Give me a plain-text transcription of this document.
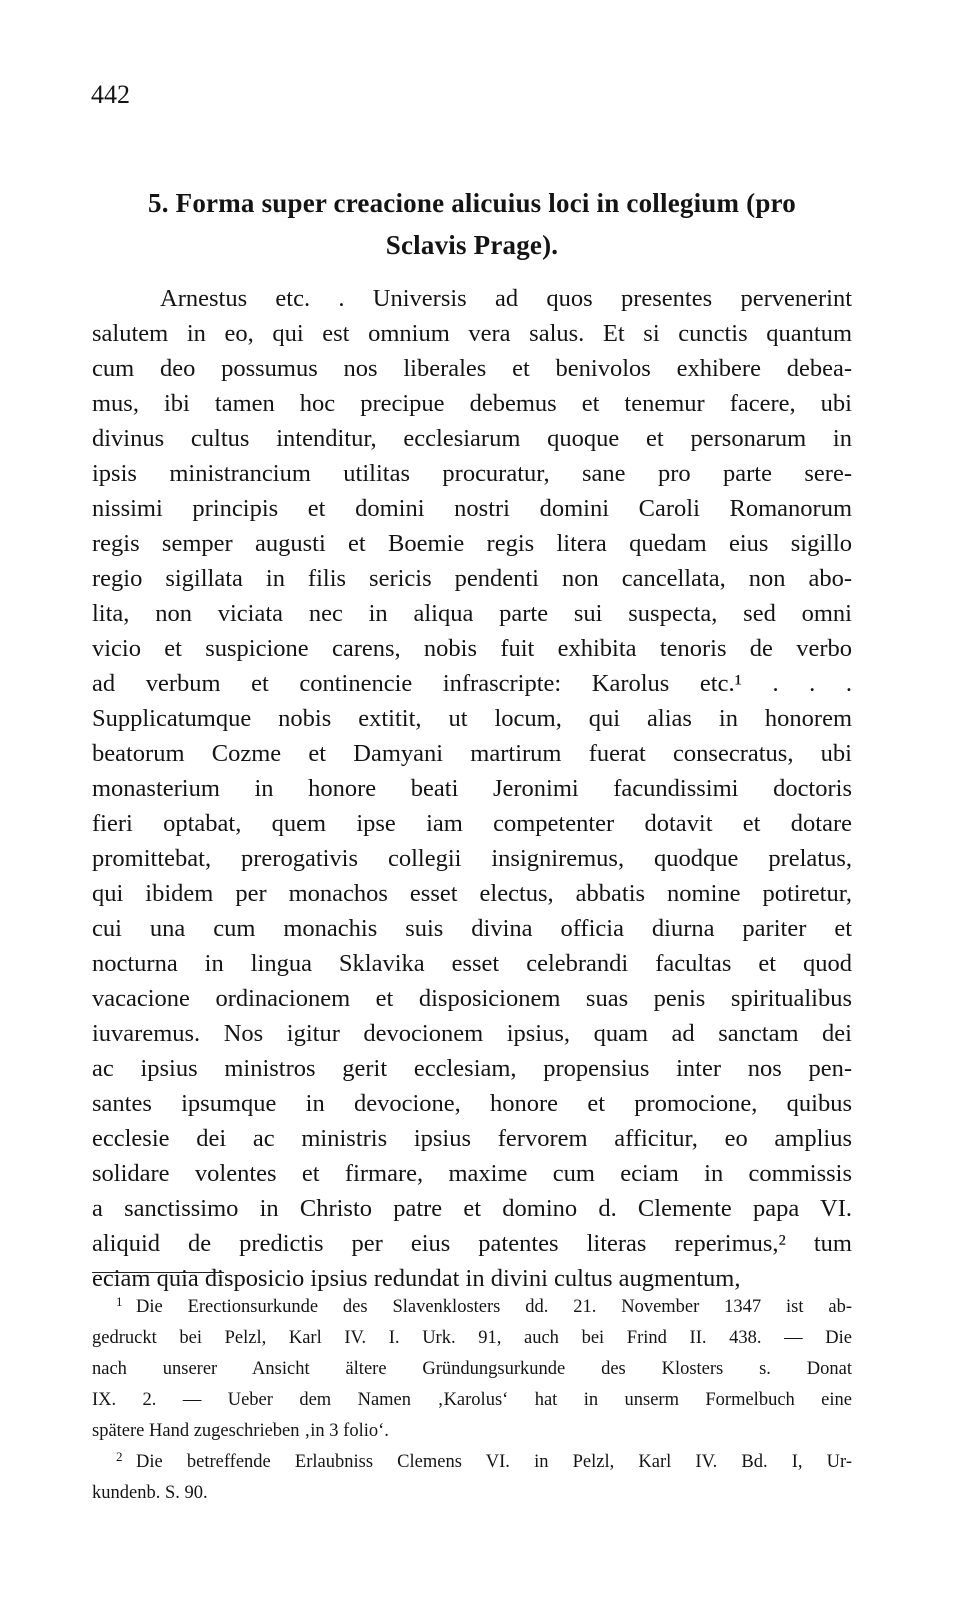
442
5. Forma super creacione alicuius loci in collegium (pro
Sclavis Prage).
Arnestus etc. . Universis ad quos presentes pervenerint
salutem in eo, qui est omnium vera salus. Et si cunctis quantum
cum deo possumus nos liberales et benivolos exhibere debea-
mus, ibi tamen hoc precipue debemus et tenemur facere, ubi
divinus cultus intenditur, ecclesiarum quoque et personarum in
ipsis ministrancium utilitas procuratur, sane pro parte sere-
nissimi principis et domini nostri domini Caroli Romanorum
regis semper augusti et Boemie regis litera quedam eius sigillo
regio sigillata in filis sericis pendenti non cancellata, non abo-
lita, non viciata nec in aliqua parte sui suspecta, sed omni
vicio et suspicione carens, nobis fuit exhibita tenoris de verbo
ad verbum et continencie infrascripte: Karolus etc.¹ . . .
Supplicatumque nobis extitit, ut locum, qui alias in honorem
beatorum Cozme et Damyani martirum fuerat consecratus, ubi
monasterium in honore beati Jeronimi facundissimi doctoris
fieri optabat, quem ipse iam competenter dotavit et dotare
promittebat, prerogativis collegii insigniremus, quodque prelatus,
qui ibidem per monachos esset electus, abbatis nomine potiretur,
cui una cum monachis suis divina officia diurna pariter et
nocturna in lingua Sklavika esset celebrandi facultas et quod
vacacione ordinacionem et disposicionem suas penis spiritualibus
iuvaremus. Nos igitur devocionem ipsius, quam ad sanctam dei
ac ipsius ministros gerit ecclesiam, propensius inter nos pen-
santes ipsumque in devocione, honore et promocione, quibus
ecclesie dei ac ministris ipsius fervorem afficitur, eo amplius
solidare volentes et firmare, maxime cum eciam in commissis
a sanctissimo in Christo patre et domino d. Clemente papa VI.
aliquid de predictis per eius patentes literas reperimus,² tum
eciam quia disposicio ipsius redundat in divini cultus augmentum,
1 Die Erectionsurkunde des Slavenklosters dd. 21. November 1347 ist ab-
gedruckt bei Pelzl, Karl IV. I. Urk. 91, auch bei Frind II. 438. — Die
nach unserer Ansicht ältere Gründungsurkunde des Klosters s. Donat
IX. 2. — Ueber dem Namen ‚Karolus‘ hat in unserm Formelbuch eine
spätere Hand zugeschrieben ‚in 3 folio‘.
2 Die betreffende Erlaubniss Clemens VI. in Pelzl, Karl IV. Bd. I, Ur-
kundenb. S. 90.
